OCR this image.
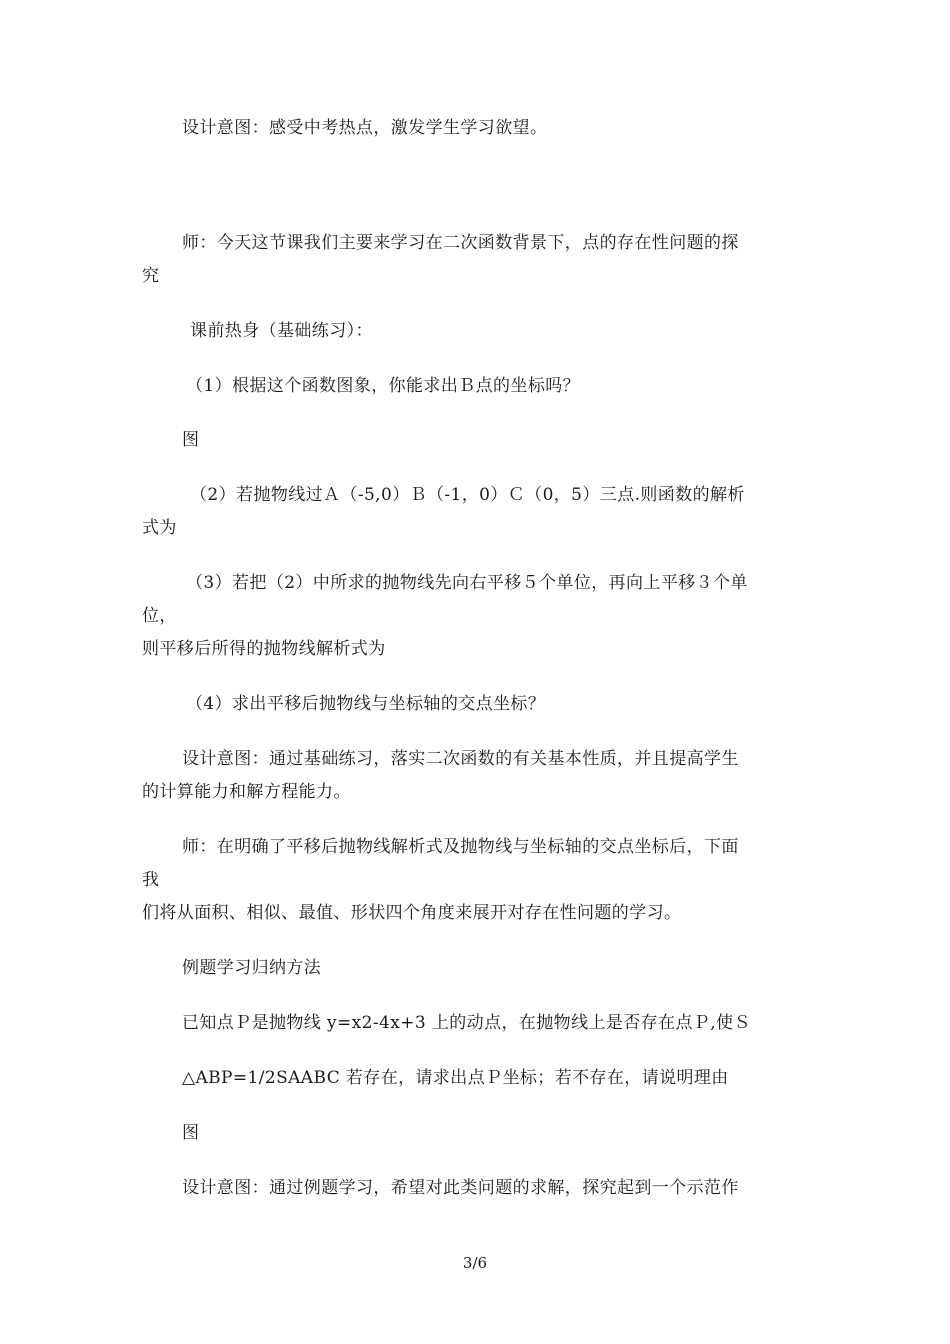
设计意图：感受中考热点，激发学生学习欲望。
师：今天这节课我们主要来学习在二次函数背景下，点的存在性问题的探
究
课前热身（基础练习）：
（1）根据这个函数图象，你能求出Ｂ点的坐标吗？
图
（2）若抛物线过Ａ（-5,0）Ｂ（-1，0）Ｃ（0，5）三点.则函数的解析
式为
（3）若把（2）中所求的抛物线先向右平移５个单位，再向上平移３个单
位，
则平移后所得的抛物线解析式为
（4）求出平移后抛物线与坐标轴的交点坐标？
设计意图：通过基础练习，落实二次函数的有关基本性质，并且提高学生
的计算能力和解方程能力。
师：在明确了平移后抛物线解析式及抛物线与坐标轴的交点坐标后，下面
我
们将从面积、相似、最值、形状四个角度来展开对存在性问题的学习。
例题学习归纳方法
已知点Ｐ是抛物线 y=x2-4x+3 上的动点，在抛物线上是否存在点Ｐ,使Ｓ
△ABP=1/2SAABC 若存在，请求出点Ｐ坐标；若不存在，请说明理由
图
设计意图：通过例题学习，希望对此类问题的求解，探究起到一个示范作
3/6
